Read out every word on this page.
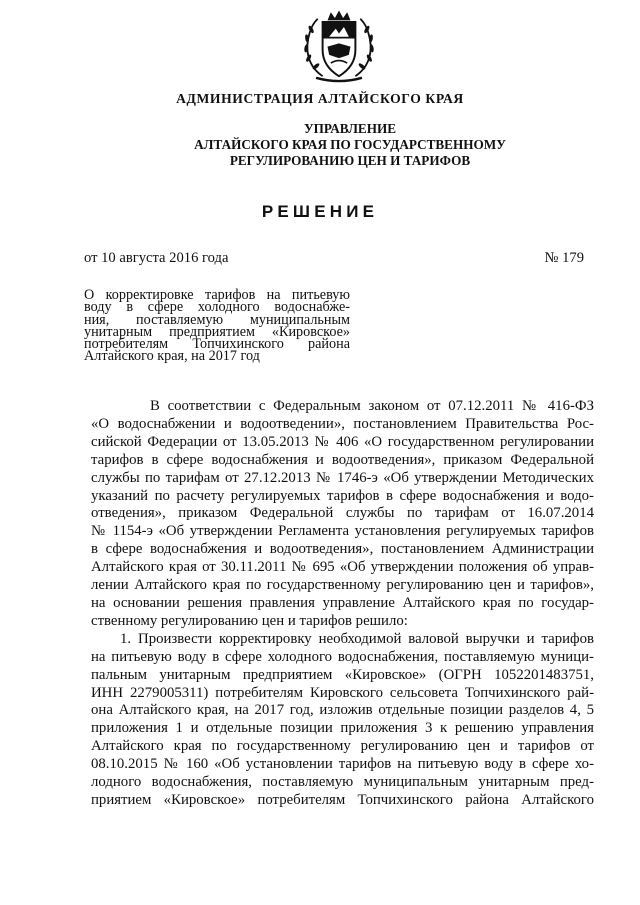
АДМИНИСТРАЦИЯ АЛТАЙСКОГО КРАЯ
УПРАВЛЕНИЕ
АЛТАЙСКОГО КРАЯ ПО ГОСУДАРСТВЕННОМУ
РЕГУЛИРОВАНИЮ ЦЕН И ТАРИФОВ
РЕШЕНИЕ
от 10 августа 2016 года	№ 179
О корректировке тарифов на питьевую
воду в сфере холодного водоснабже-
ния, поставляемую муниципальным
унитарным предприятием «Кировское»
потребителям Топчихинского района
Алтайского края, на 2017 год
В соответствии с Федеральным законом от 07.12.2011 № 416-ФЗ
«О водоснабжении и водоотведении», постановлением Правительства Рос-
сийской Федерации от 13.05.2013 № 406 «О государственном регулировании
тарифов в сфере водоснабжения и водоотведения», приказом Федеральной
службы по тарифам от 27.12.2013 № 1746-э «Об утверждении Методических
указаний по расчету регулируемых тарифов в сфере водоснабжения и водо-
отведения», приказом Федеральной службы по тарифам от 16.07.2014
№ 1154-э «Об утверждении Регламента установления регулируемых тарифов
в сфере водоснабжения и водоотведения», постановлением Администрации
Алтайского края от 30.11.2011 № 695 «Об утверждении положения об управ-
лении Алтайского края по государственному регулированию цен и тарифов»,
на основании решения правления управление Алтайского края по государ-
ственному регулированию цен и тарифов решило:
1. Произвести корректировку необходимой валовой выручки и тарифов
на питьевую воду в сфере холодного водоснабжения, поставляемую муници-
пальным унитарным предприятием «Кировское» (ОГРН 1052201483751,
ИНН 2279005311) потребителям Кировского сельсовета Топчихинского рай-
она Алтайского края, на 2017 год, изложив отдельные позиции разделов 4, 5
приложения 1 и отдельные позиции приложения 3 к решению управления
Алтайского края по государственному регулированию цен и тарифов от
08.10.2015 № 160 «Об установлении тарифов на питьевую воду в сфере хо-
лодного водоснабжения, поставляемую муниципальным унитарным пред-
приятием «Кировское» потребителям Топчихинского района Алтайского
